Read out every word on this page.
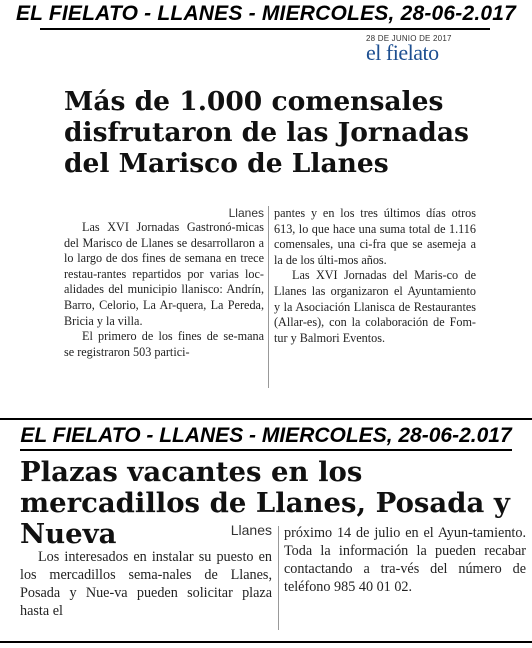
EL FIELATO - LLANES - MIERCOLES, 28-06-2.017
28 DE JUNIO DE 2017
el fielato
Más de 1.000 comensales disfrutaron de las Jornadas del Marisco de Llanes
Llanes

Las XVI Jornadas Gastronó-micas del Marisco de Llanes se desarrollaron a lo largo de dos fines de semana en trece restau-rantes repartidos por varias loc-alidades del municipio llanisco: Andrín, Barro, Celorio, La Ar-quera, La Pereda, Bricia y la villa.

El primero de los fines de se-mana se registraron 503 partici-

pantes y en los tres últimos días otros 613, lo que hace una suma total de 1.116 comensales, una ci-fra que se asemeja a la de los últi-mos años.

Las XVI Jornadas del Maris-co de Llanes las organizaron el Ayuntamiento y la Asociación Llanisca de Restaurantes (Allar-es), con la colaboración de Fom-tur y Balmori Eventos.

EL FIELATO - LLANES - MIERCOLES, 28-06-2.017
Plazas vacantes en los mercadillos de Llanes, Posada y Nueva	Llanes

Los interesados en instalar su puesto en los mercadillos sema-nales de Llanes, Posada y Nue-va pueden solicitar plaza hasta el

próximo 14 de julio en el Ayun-tamiento. Toda la información la pueden recabar contactando a tra-vés del número de teléfono 985 40 01 02.
